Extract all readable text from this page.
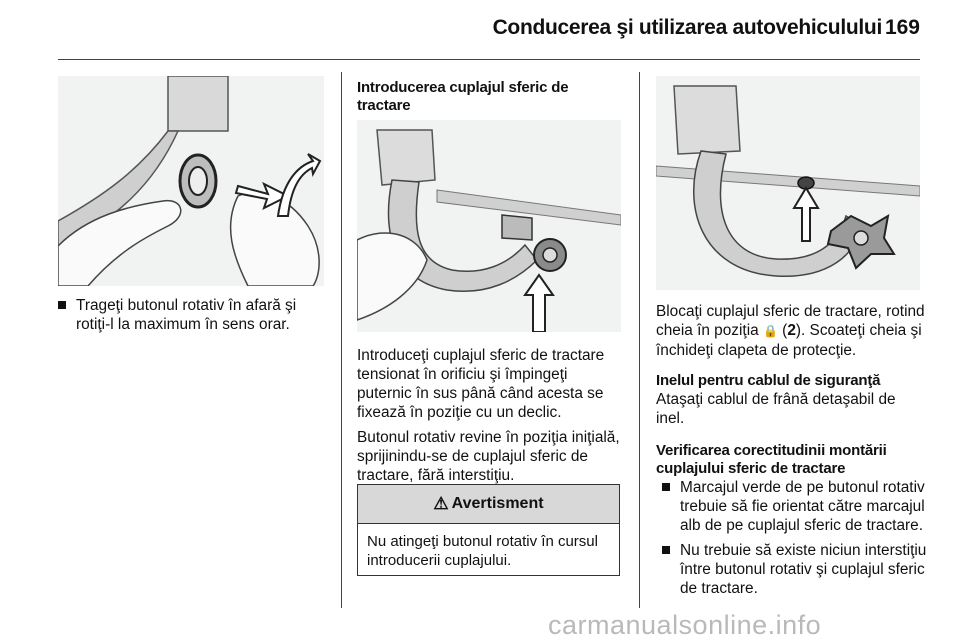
Conducerea şi utilizarea autovehiculului 169

Trageţi butonul rotativ în afară şi rotiţi-l la maximum în sens orar.

Introducerea cuplajul sferic de tractare

Introduceţi cuplajul sferic de tractare tensionat în orificiu şi împingeţi puternic în sus până când acesta se fixează în poziţie cu un declic.

Butonul rotativ revine în poziţia iniţială, sprijinindu-se de cuplajul sferic de tractare, fără interstiţiu.

⚠ Avertisment
Nu atingeţi butonul rotativ în cursul introducerii cuplajului.

Blocaţi cuplajul sferic de tractare, rotind cheia în poziţia 🔒 (2). Scoateţi cheia şi închideţi clapeta de protecţie.

Inelul pentru cablul de siguranţă

Ataşaţi cablul de frână detaşabil de inel.

Verificarea corectitudinii montării cuplajului sferic de tractare

Marcajul verde de pe butonul rotativ trebuie să fie orientat către marcajul alb de pe cuplajul sferic de tractare.

Nu trebuie să existe niciun interstiţiu între butonul rotativ şi cuplajul sferic de tractare.

carmanualsonline.info
